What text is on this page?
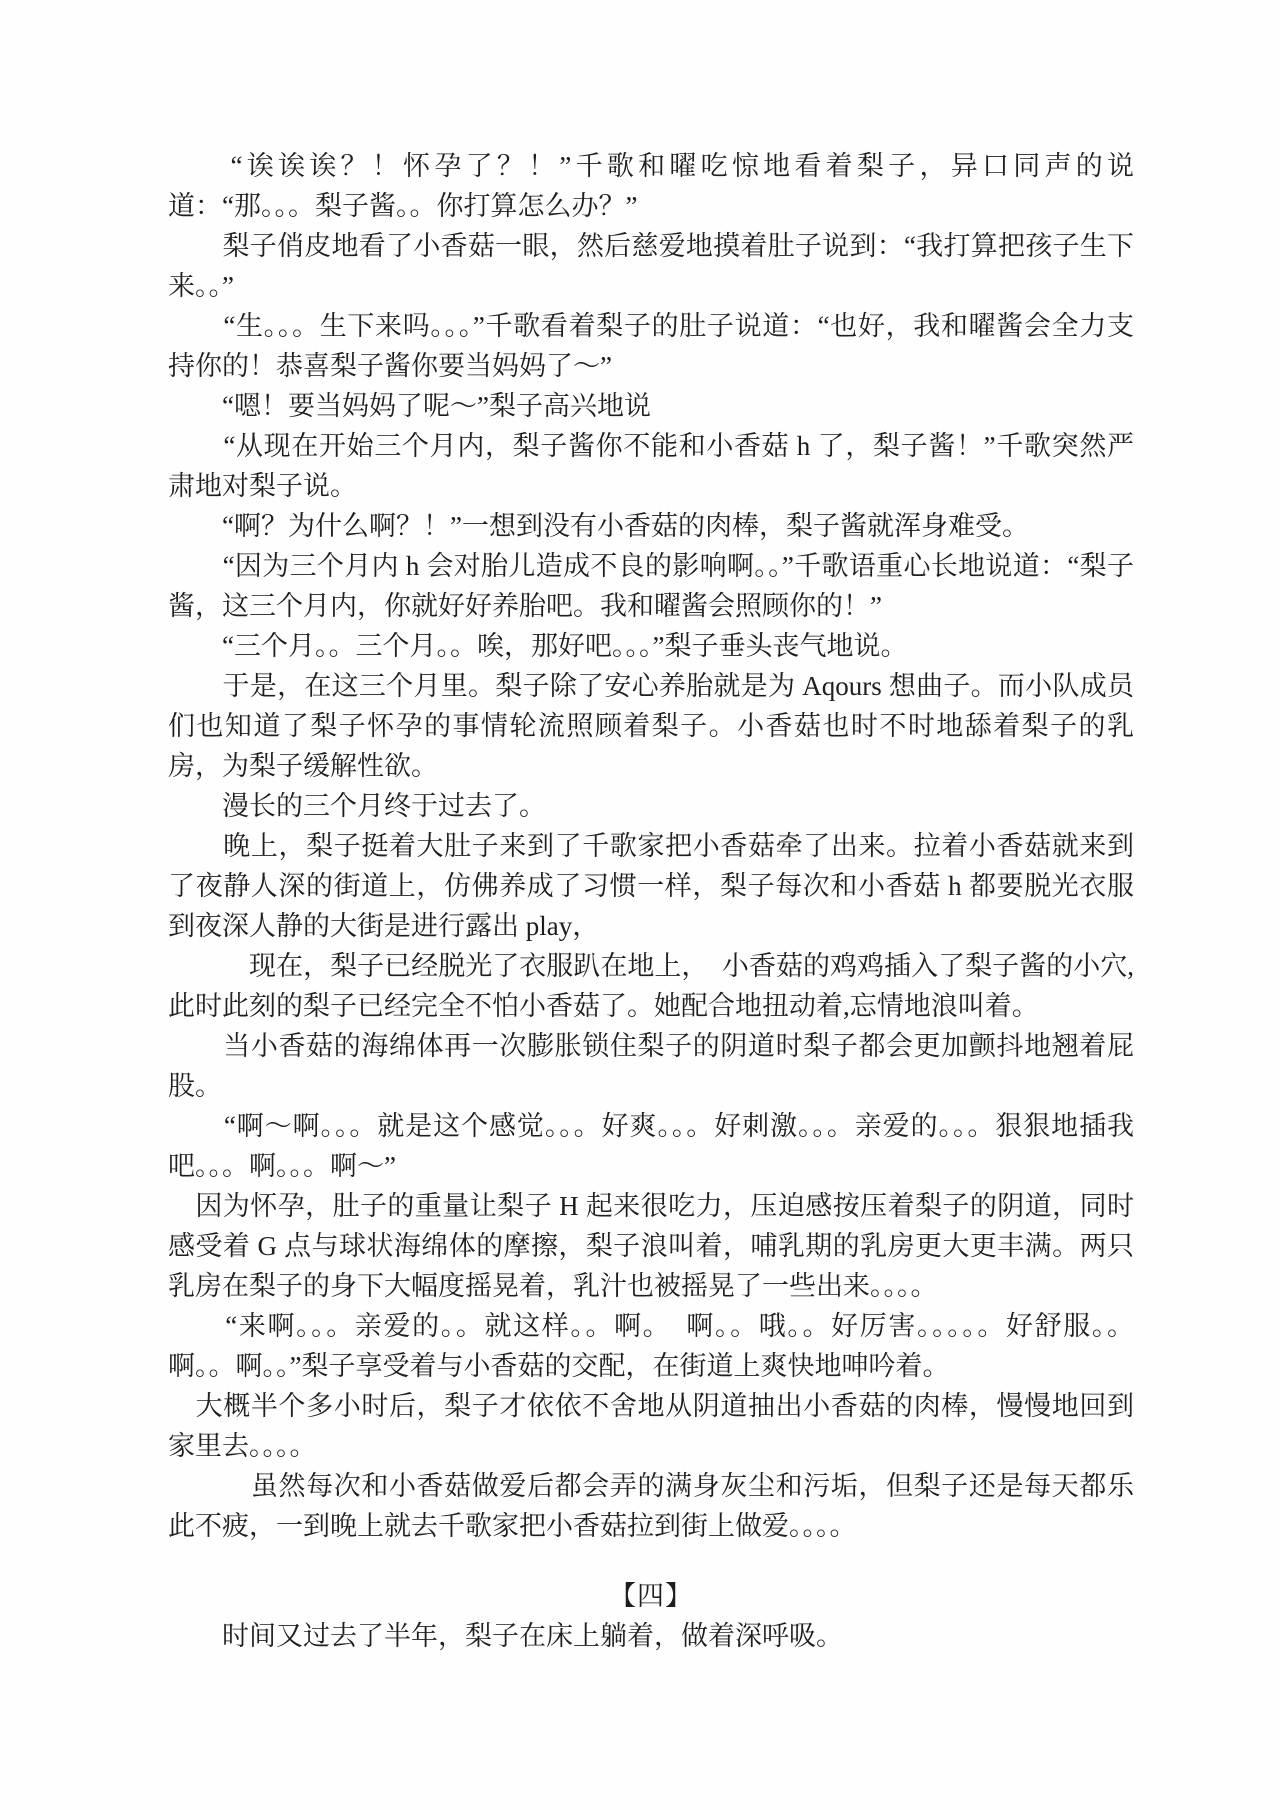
　　“诶诶诶？！怀孕了？！”千歌和曜吃惊地看着梨子，异口同声的说道：“那。。。梨子酱。。你打算怎么办？”

　　梨子俏皮地看了小香菇一眼，然后慈爱地摸着肚子说到：“我打算把孩子生下来。。”

　　“生。。。生下来吗。。。”千歌看着梨子的肚子说道：“也好，我和曜酱会全力支持你的！恭喜梨子酱你要当妈妈了～”

　　“嗯！要当妈妈了呢～”梨子高兴地说

　　“从现在开始三个月内，梨子酱你不能和小香菇 h 了，梨子酱！”千歌突然严肃地对梨子说。

　　“啊？为什么啊？！”一想到没有小香菇的肉棒，梨子酱就浑身难受。

　　“因为三个月内 h 会对胎儿造成不良的影响啊。。”千歌语重心长地说道：“梨子酱，这三个月内，你就好好养胎吧。我和曜酱会照顾你的！”

　　“三个月。。三个月。。唉，那好吧。。。”梨子垂头丧气地说。

　　于是，在这三个月里。梨子除了安心养胎就是为 Aqours 想曲子。而小队成员们也知道了梨子怀孕的事情轮流照顾着梨子。小香菇也时不时地舔着梨子的乳房，为梨子缓解性欲。

　　漫长的三个月终于过去了。

　　晚上，梨子挺着大肚子来到了千歌家把小香菇牵了出来。拉着小香菇就来到了夜静人深的街道上，仿佛养成了习惯一样，梨子每次和小香菇 h 都要脱光衣服到夜深人静的大街是进行露出 play，

　　　现在，梨子已经脱光了衣服趴在地上，　小香菇的鸡鸡插入了梨子酱的小穴,此时此刻的梨子已经完全不怕小香菇了。她配合地扭动着,忘情地浪叫着。

　　当小香菇的海绵体再一次膨胀锁住梨子的阴道时梨子都会更加颤抖地翘着屁股。

　　“啊～啊。。。就是这个感觉。。。好爽。。。好刺激。。。亲爱的。。。狠狠地插我吧。。。啊。。。啊～”

　因为怀孕，肚子的重量让梨子 H 起来很吃力，压迫感按压着梨子的阴道，同时感受着 G 点与球状海绵体的摩擦，梨子浪叫着，哺乳期的乳房更大更丰满。两只乳房在梨子的身下大幅度摇晃着，乳汁也被摇晃了一些出来。。。。

　　“来啊。。。亲爱的。。就这样。。啊。　啊。。哦。。好厉害。。。。。好舒服。。啊。。啊。。”梨子享受着与小香菇的交配，在街道上爽快地呻吟着。

　大概半个多小时后，梨子才依依不舍地从阴道抽出小香菇的肉棒，慢慢地回到家里去。。。。

　　　虽然每次和小香菇做爱后都会弄的满身灰尘和污垢，但梨子还是每天都乐此不疲，一到晚上就去千歌家把小香菇拉到街上做爱。。。。

【四】

　　时间又过去了半年，梨子在床上躺着，做着深呼吸。
